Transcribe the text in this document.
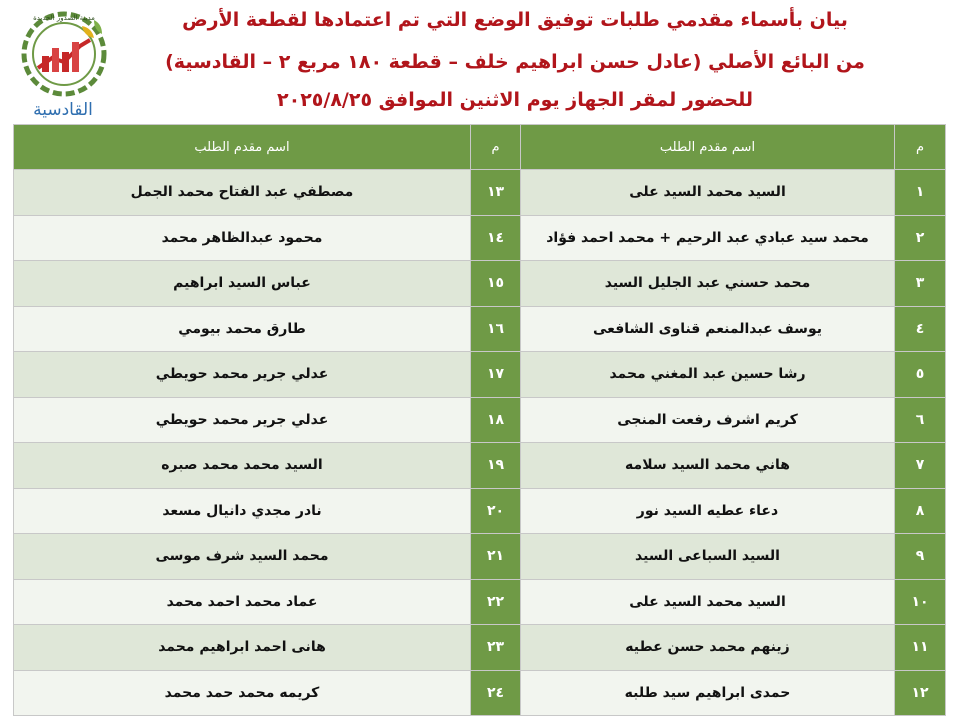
مدينة الصدور الجديدة
القادسية
بيان بأسماء مقدمي طلبات توفيق الوضع التي تم اعتمادها لقطعة الأرض
من البائع الأصلي (عادل حسن ابراهيم خلف – قطعة ١٨٠ مربع ٢ – القادسية)
للحضور لمقر الجهاز يوم الاثنين الموافق ٢٠٢٥/٨/٢٥
م	اسم مقدم الطلب	م	اسم مقدم الطلب
١	السيد محمد السيد على	١٣	مصطفي عبد الفتاح محمد الجمل
٢	محمد سيد عبادي عبد الرحيم + محمد احمد فؤاد	١٤	محمود عبدالظاهر محمد
٣	محمد حسني عبد الجليل السيد	١٥	عباس السيد ابراهيم
٤	يوسف عبدالمنعم قناوى الشافعى	١٦	طارق محمد بيومي
٥	رشا حسين عبد المغني محمد	١٧	عدلي جرير محمد حويطي
٦	كريم اشرف رفعت المنجى	١٨	عدلي جرير محمد حويطي
٧	هاني محمد السيد سلامه	١٩	السيد محمد محمد صبره
٨	دعاء عطيه السيد نور	٢٠	نادر مجدي دانيال مسعد
٩	السيد السباعى السيد	٢١	محمد السيد شرف موسى
١٠	السيد محمد السيد على	٢٢	عماد محمد احمد محمد
١١	زينهم محمد حسن عطيه	٢٣	هانى احمد ابراهيم محمد
١٢	حمدى ابراهيم سيد طلبه	٢٤	كريمه محمد حمد محمد
